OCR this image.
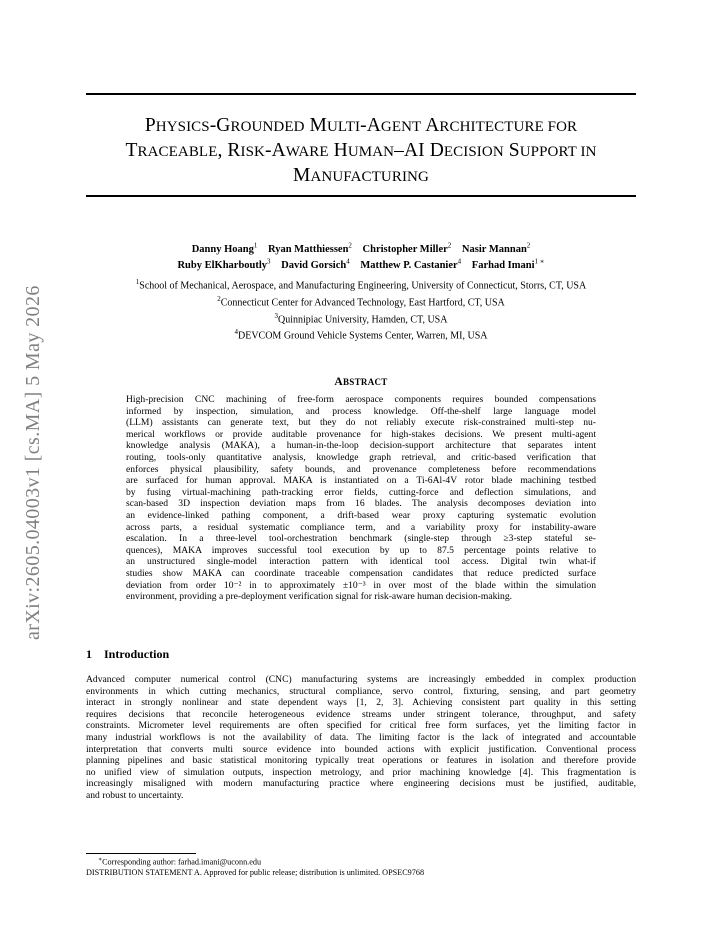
arXiv:2605.04003v1 [cs.MA] 5 May 2026
PHYSICS-GROUNDED MULTI-AGENT ARCHITECTURE FOR
TRACEABLE, RISK-AWARE HUMAN–AI DECISION SUPPORT IN
MANUFACTURING
Danny Hoang$^1$ Ryan Matthiessen$^2$ Christopher Miller$^2$ Nasir Mannan$^2$
Ruby ElKharboutly$^3$ David Gorsich$^4$ Matthew P. Castanier$^4$ Farhad Imani$^{1 ∗}$
$^1$School of Mechanical, Aerospace, and Manufacturing Engineering, University of Connecticut, Storrs, CT, USA
$^2$Connecticut Center for Advanced Technology, East Hartford, CT, USA
$^3$Quinnipiac University, Hamden, CT, USA
$^4$DEVCOM Ground Vehicle Systems Center, Warren, MI, USA
ABSTRACT
High-precision CNC machining of free-form aerospace components requires bounded compensations
informed by inspection, simulation, and process knowledge. Off-the-shelf large language model
(LLM) assistants can generate text, but they do not reliably execute risk-constrained multi-step nu-
merical workflows or provide auditable provenance for high-stakes decisions. We present multi-agent
knowledge analysis (MAKA), a human-in-the-loop decision-support architecture that separates intent
routing, tools-only quantitative analysis, knowledge graph retrieval, and critic-based verification that
enforces physical plausibility, safety bounds, and provenance completeness before recommendations
are surfaced for human approval. MAKA is instantiated on a Ti-6Al-4V rotor blade machining testbed
by fusing virtual-machining path-tracking error fields, cutting-force and deflection simulations, and
scan-based 3D inspection deviation maps from 16 blades. The analysis decomposes deviation into
an evidence-linked pathing component, a drift-based wear proxy capturing systematic evolution
across parts, a residual systematic compliance term, and a variability proxy for instability-aware
escalation. In a three-level tool-orchestration benchmark (single-step through ≥3-step stateful se-
quences), MAKA improves successful tool execution by up to 87.5 percentage points relative to
an unstructured single-model interaction pattern with identical tool access. Digital twin what-if
studies show MAKA can coordinate traceable compensation candidates that reduce predicted surface
deviation from order 10⁻² in to approximately ±10⁻³ in over most of the blade within the simulation
environment, providing a pre-deployment verification signal for risk-aware human decision-making.
1 Introduction
Advanced computer numerical control (CNC) manufacturing systems are increasingly embedded in complex production
environments in which cutting mechanics, structural compliance, servo control, fixturing, sensing, and part geometry
interact in strongly nonlinear and state dependent ways [1, 2, 3]. Achieving consistent part quality in this setting
requires decisions that reconcile heterogeneous evidence streams under stringent tolerance, throughput, and safety
constraints. Micrometer level requirements are often specified for critical free form surfaces, yet the limiting factor in
many industrial workflows is not the availability of data. The limiting factor is the lack of integrated and accountable
interpretation that converts multi source evidence into bounded actions with explicit justification. Conventional process
planning pipelines and basic statistical monitoring typically treat operations or features in isolation and therefore provide
no unified view of simulation outputs, inspection metrology, and prior machining knowledge [4]. This fragmentation is
increasingly misaligned with modern manufacturing practice where engineering decisions must be justified, auditable,
and robust to uncertainty.
∗Corresponding author: farhad.imani@uconn.edu
DISTRIBUTION STATEMENT A. Approved for public release; distribution is unlimited. OPSEC9768
